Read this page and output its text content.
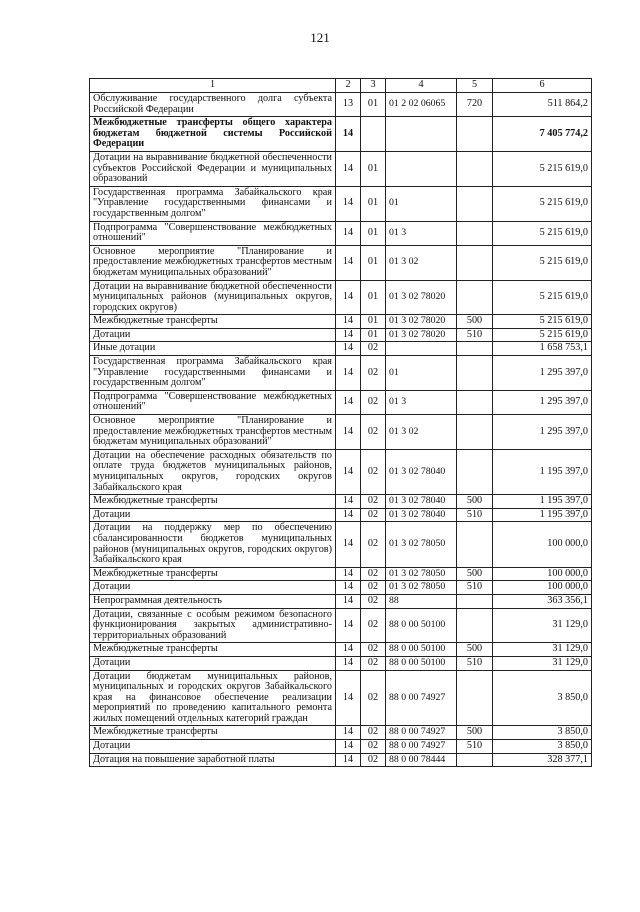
121
1	2	3	4	5	6
Обслуживание государственного долга субъекта Российской Федерации	13	01	01 2 02 06065	720	511 864,2
Межбюджетные трансферты общего характера бюджетам бюджетной системы Российской Федерации	14				7 405 774,2
Дотации на выравнивание бюджетной обеспеченности субъектов Российской Федерации и муниципальных образований	14	01			5 215 619,0
Государственная программа Забайкальского края "Управление государственными финансами и государственным долгом"	14	01	01		5 215 619,0
Подпрограмма "Совершенствование межбюджетных отношений"	14	01	01 3		5 215 619,0
Основное мероприятие "Планирование и предоставление межбюджетных трансфертов местным бюджетам муниципальных образований"	14	01	01 3 02		5 215 619,0
Дотации на выравнивание бюджетной обеспеченности муниципальных районов (муниципальных округов, городских округов)	14	01	01 3 02 78020		5 215 619,0
Межбюджетные трансферты	14	01	01 3 02 78020	500	5 215 619,0
Дотации	14	01	01 3 02 78020	510	5 215 619,0
Иные дотации	14	02			1 658 753,1
Государственная программа Забайкальского края "Управление государственными финансами и государственным долгом"	14	02	01		1 295 397,0
Подпрограмма "Совершенствование межбюджетных отношений"	14	02	01 3		1 295 397,0
Основное мероприятие "Планирование и предоставление межбюджетных трансфертов местным бюджетам муниципальных образований"	14	02	01 3 02		1 295 397,0
Дотации на обеспечение расходных обязательств по оплате труда бюджетов муниципальных районов, муниципальных округов, городских округов Забайкальского края	14	02	01 3 02 78040		1 195 397,0
Межбюджетные трансферты	14	02	01 3 02 78040	500	1 195 397,0
Дотации	14	02	01 3 02 78040	510	1 195 397,0
Дотации на поддержку мер по обеспечению сбалансированности бюджетов муниципальных районов (муниципальных округов, городских округов) Забайкальского края	14	02	01 3 02 78050		100 000,0
Межбюджетные трансферты	14	02	01 3 02 78050	500	100 000,0
Дотации	14	02	01 3 02 78050	510	100 000,0
Непрограммная деятельность	14	02	88		363 356,1
Дотации, связанные с особым режимом безопасного функционирования закрытых административно-территориальных образований	14	02	88 0 00 50100		31 129,0
Межбюджетные трансферты	14	02	88 0 00 50100	500	31 129,0
Дотации	14	02	88 0 00 50100	510	31 129,0
Дотации бюджетам муниципальных районов, муниципальных и городских округов Забайкальского края на финансовое обеспечение реализации мероприятий по проведению капитального ремонта жилых помещений отдельных категорий граждан	14	02	88 0 00 74927		3 850,0
Межбюджетные трансферты	14	02	88 0 00 74927	500	3 850,0
Дотации	14	02	88 0 00 74927	510	3 850,0
Дотация на повышение заработной платы	14	02	88 0 00 78444		328 377,1
